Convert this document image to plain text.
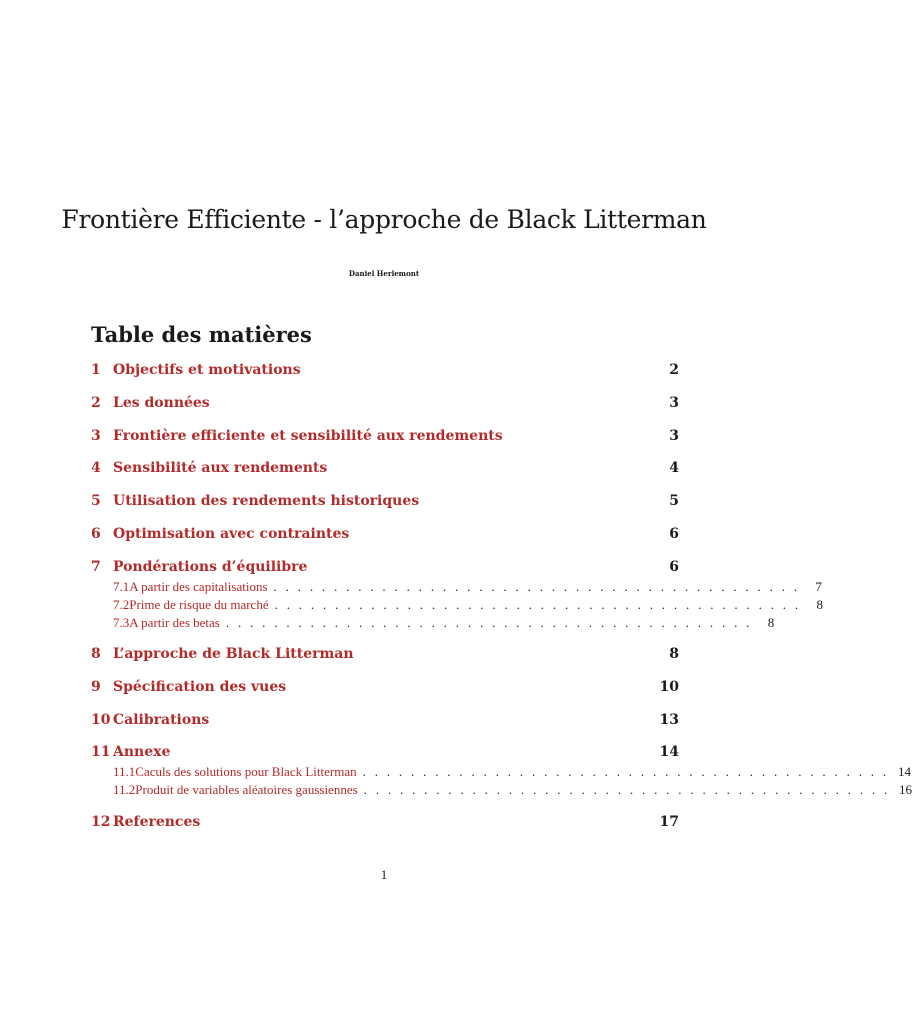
Frontière Efficiente - l’approche de Black Litterman
Daniel Herlemont
Table des matières
1 Objectifs et motivations	2
2 Les données	3
3 Frontière efficiente et sensibilité aux rendements	3
4 Sensibilité aux rendements	4
5 Utilisation des rendements historiques	5
6 Optimisation avec contraintes	6
7 Pondérations d’équilibre	6
7.1 A partir des capitalisations . . . . . . . . . . . . . . . . . . . . . . . . . . . . . . . . . . . . . . . . . . . .	7
7.2 Prime de risque du marché . . . . . . . . . . . . . . . . . . . . . . . . . . . . . . . . . . . . . . . . . . . .	8
7.3 A partir des betas . . . . . . . . . . . . . . . . . . . . . . . . . . . . . . . . . . . . . . . . . . . .	8
8 L’approche de Black Litterman	8
9 Spécification des vues	10
10 Calibrations	13
11 Annexe	14
11.1 Caculs des solutions pour Black Litterman . . . . . . . . . . . . . . . . . . . . . . . . . . . . . . . . . . . . . . . . . . . . 14
11.2 Produit de variables aléatoires gaussiennes . . . . . . . . . . . . . . . . . . . . . . . . . . . . . . . . . . . . . . . . . . . . 16
12 References	17
1
